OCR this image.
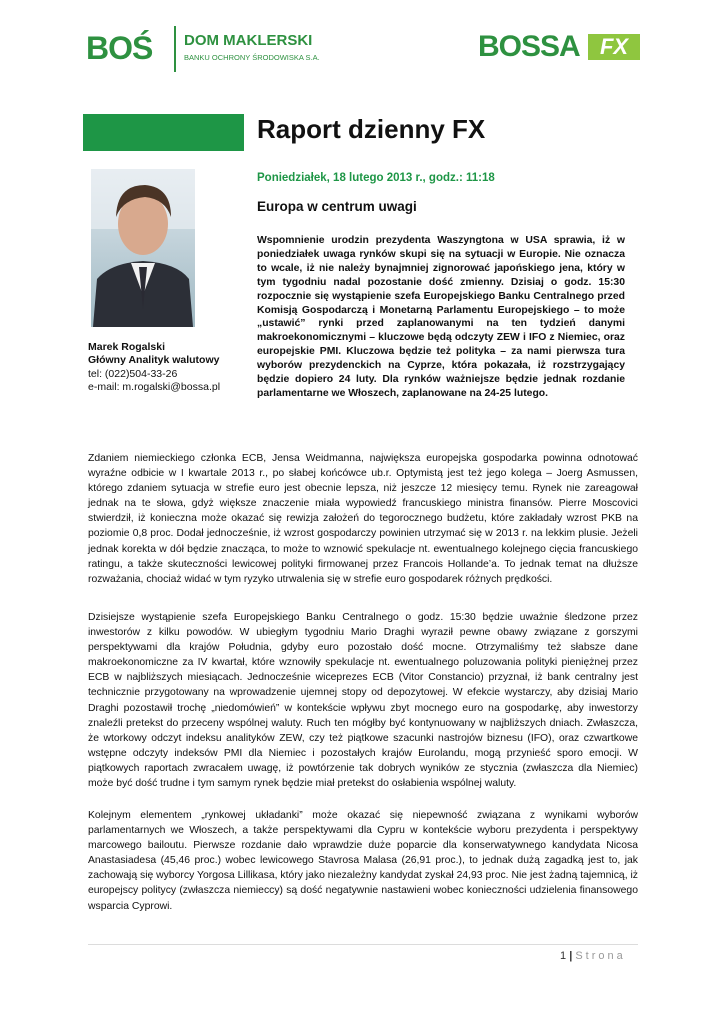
BOŚ DOM MAKLERSKI
BANKU OCHRONY ŚRODOWISKA S.A.	BOSSA FX
Raport dzienny FX
Poniedziałek, 18 lutego 2013 r., godz.: 11:18
Europa w centrum uwagi
Marek Rogalski
Główny Analityk walutowy
tel: (022)504-33-26
e-mail: m.rogalski@bossa.pl
Wspomnienie urodzin prezydenta Waszyngtona w USA sprawia, iż w poniedziałek uwaga rynków skupi się na sytuacji w Europie. Nie oznacza to wcale, iż nie należy bynajmniej zignorować japońskiego jena, który w tym tygodniu nadal pozostanie dość zmienny. Dzisiaj o godz. 15:30 rozpocznie się wystąpienie szefa Europejskiego Banku Centralnego przed Komisją Gospodarczą i Monetarną Parlamentu Europejskiego – to może „ustawić” rynki przed zaplanowanymi na ten tydzień danymi makroekonomicznymi – kluczowe będą odczyty ZEW i IFO z Niemiec, oraz europejskie PMI. Kluczowa będzie też polityka – za nami pierwsza tura wyborów prezydenckich na Cyprze, która pokazała, iż rozstrzygający będzie dopiero 24 luty. Dla rynków ważniejsze będzie jednak rozdanie parlamentarne we Włoszech, zaplanowane na 24-25 lutego.

Zdaniem niemieckiego członka ECB, Jensa Weidmanna, największa europejska gospodarka powinna odnotować wyraźne odbicie w I kwartale 2013 r., po słabej końcówce ub.r. Optymistą jest też jego kolega – Joerg Asmussen, którego zdaniem sytuacja w strefie euro jest obecnie lepsza, niż jeszcze 12 miesięcy temu. Rynek nie zareagował jednak na te słowa, gdyż większe znaczenie miała wypowiedź francuskiego ministra finansów. Pierre Moscovici stwierdził, iż konieczna może okazać się rewizja założeń do tegorocznego budżetu, które zakładały wzrost PKB na poziomie 0,8 proc. Dodał jednocześnie, iż wzrost gospodarczy powinien utrzymać się w 2013 r. na lekkim plusie. Jeżeli jednak korekta w dół będzie znacząca, to może to wznowić spekulacje nt. ewentualnego kolejnego cięcia francuskiego ratingu, a także skuteczności lewicowej polityki firmowanej przez Francois Hollande’a. To jednak temat na dłuższe rozważania, chociaż widać w tym ryzyko utrwalenia się w strefie euro gospodarek różnych prędkości.

Dzisiejsze wystąpienie szefa Europejskiego Banku Centralnego o godz. 15:30 będzie uważnie śledzone przez inwestorów z kilku powodów. W ubiegłym tygodniu Mario Draghi wyraził pewne obawy związane z gorszymi perspektywami dla krajów Południa, gdyby euro pozostało dość mocne. Otrzymaliśmy też słabsze dane makroekonomiczne za IV kwartał, które wznowiły spekulacje nt. ewentualnego poluzowania polityki pieniężnej przez ECB w najbliższych miesiącach. Jednocześnie wiceprezes ECB (Vitor Constancio) przyznał, iż bank centralny jest technicznie przygotowany na wprowadzenie ujemnej stopy od depozytowej. W efekcie wystarczy, aby dzisiaj Mario Draghi pozostawił trochę „niedomówień” w kontekście wpływu zbyt mocnego euro na gospodarkę, aby inwestorzy znaleźli pretekst do przeceny wspólnej waluty. Ruch ten mógłby być kontynuowany w najbliższych dniach. Zwłaszcza, że wtorkowy odczyt indeksu analityków ZEW, czy też piątkowe szacunki nastrojów biznesu (IFO), oraz czwartkowe wstępne odczyty indeksów PMI dla Niemiec i pozostałych krajów Eurolandu, mogą przynieść sporo emocji. W piątkowych raportach zwracałem uwagę, iż powtórzenie tak dobrych wyników ze stycznia (zwłaszcza dla Niemiec) może być dość trudne i tym samym rynek będzie miał pretekst do osłabienia wspólnej waluty.

Kolejnym elementem „rynkowej układanki” może okazać się niepewność związana z wynikami wyborów parlamentarnych we Włoszech, a także perspektywami dla Cypru w kontekście wyboru prezydenta i perspektywy marcowego bailoutu. Pierwsze rozdanie dało wprawdzie duże poparcie dla konserwatywnego kandydata Nicosa Anastasiadesa (45,46 proc.) wobec lewicowego Stavrosa Malasa (26,91 proc.), to jednak dużą zagadką jest to, jak zachowają się wyborcy Yorgosa Lillikasa, który jako niezależny kandydat zyskał 24,93 proc. Nie jest żadną tajemnicą, iż europejscy politycy (zwłaszcza niemieccy) są dość negatywnie nastawieni wobec konieczności udzielenia finansowego wsparcia Cyprowi.

1 | Strona
